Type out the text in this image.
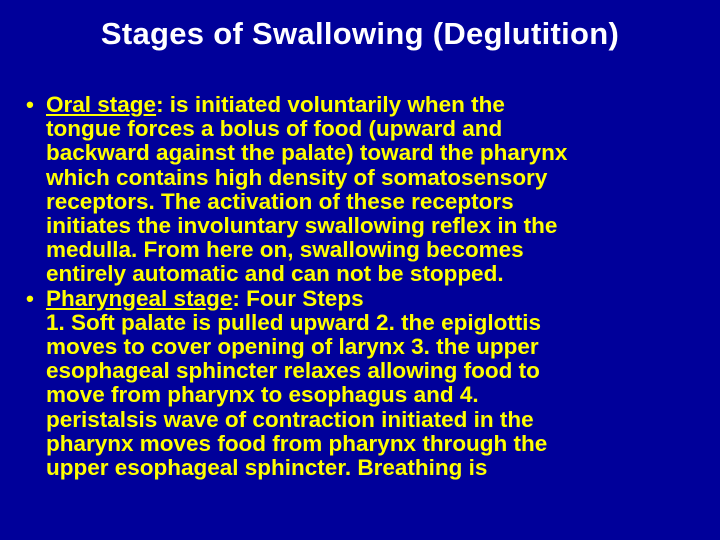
Stages of Swallowing (Deglutition)
• Oral stage: is initiated voluntarily when the
tongue forces a bolus of food (upward and
backward against the palate) toward the pharynx
which contains high density of somatosensory
receptors. The activation of these receptors
initiates the involuntary swallowing reflex in the
medulla. From here on, swallowing becomes
entirely automatic and can not be stopped.
• Pharyngeal stage: Four Steps
1. Soft palate is pulled upward 2. the epiglottis
moves to cover opening of larynx 3. the upper
esophageal sphincter relaxes allowing food to
move from pharynx to esophagus and 4.
peristalsis wave of contraction initiated in the
pharynx moves food from pharynx through the
upper esophageal sphincter. Breathing is
